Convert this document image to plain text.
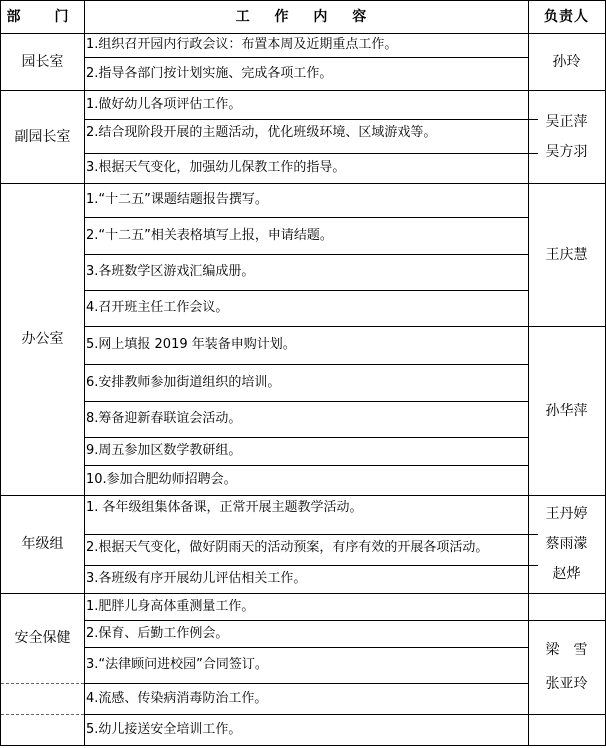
部　门	工 作 内 容	负责人
园长室
1.组织召开园内行政会议：布置本周及近期重点工作。
2.指导各部门按计划实施、完成各项工作。
孙玲
副园长室
1.做好幼儿各项评估工作。
2.结合现阶段开展的主题活动，优化班级环境、区域游戏等。
3.根据天气变化，加强幼儿保教工作的指导。
吴正萍
吴方羽
办公室
1.“十二五”课题结题报告撰写。
2.“十二五”相关表格填写上报，申请结题。
3.各班数学区游戏汇编成册。
4.召开班主任工作会议。
5.网上填报 2019 年装备申购计划。
6.安排教师参加街道组织的培训。
8.筹备迎新春联谊会活动。
9.周五参加区数学教研组。
10.参加合肥幼师招聘会。
王庆慧
孙华萍
年级组
1. 各年级组集体备课，正常开展主题教学活动。
2.根据天气变化，做好阴雨天的活动预案，有序有效的开展各项活动。
3.各班级有序开展幼儿评估相关工作。
王丹婷
蔡雨濛
赵烨
安全保健
1.肥胖儿身高体重测量工作。
2.保育、后勤工作例会。
3.“法律顾问进校园”合同签订。
4.流感、传染病消毒防治工作。
5.幼儿接送安全培训工作。
梁　雪
张亚玲
